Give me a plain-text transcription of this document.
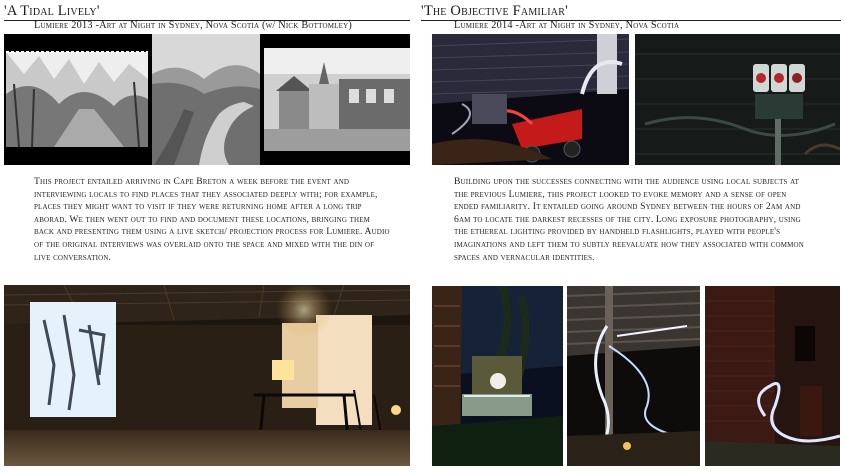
'A Tidal Lively'
Lumiere 2013 -Art at Night in Sydney, Nova Scotia (w/ Nick Bottomley)
This project entailed arriving in Cape Breton a week before the event and interviewing locals to find places that they associated deeply with; for example, places they might want to visit if they were returning home after a long trip aborad. We then went out to find and document these locations, bringing them back and presenting them using a live sketch/ projection process for Lumiere. Audio of the original interviews was overlaid onto the space and mixed with the din of live conversation.
'The Objective Familiar'
Lumiere 2014 -Art at Night in Sydney, Nova Scotia
Building upon the successes connecting with the audience using local subjects at the previous Lumiere, this project looked to evoke memory and a sense of open ended familiarity. It entailed going around Sydney between the hours of 2am and 6am to locate the darkest recesses of the city. Long exposure photography, using the ethereal lighting provided by handheld flashlights, played with people's imaginations and left them to subtly reevaluate how they associated with common spaces and vernacular identities.
